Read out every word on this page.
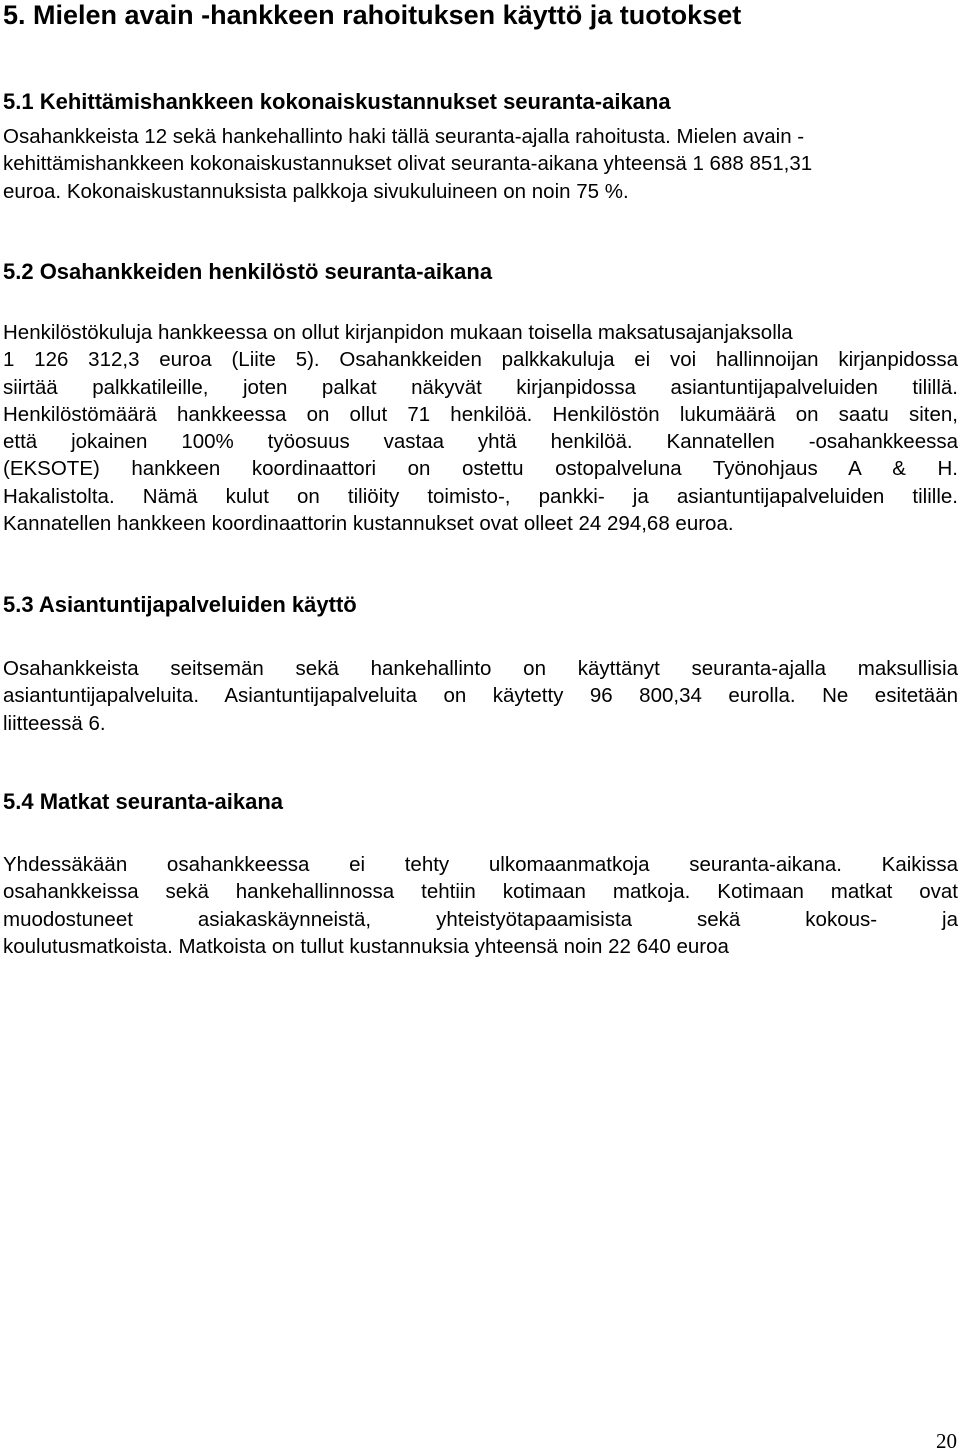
5. Mielen avain -hankkeen rahoituksen käyttö ja tuotokset
5.1 Kehittämishankkeen kokonaiskustannukset seuranta-aikana
Osahankkeista 12 sekä hankehallinto haki tällä seuranta-ajalla rahoitusta. Mielen avain -
kehittämishankkeen kokonaiskustannukset olivat seuranta-aikana yhteensä 1 688 851,31
euroa. Kokonaiskustannuksista palkkoja sivukuluineen on noin 75 %.
5.2 Osahankkeiden henkilöstö seuranta-aikana
Henkilöstökuluja hankkeessa on ollut kirjanpidon mukaan toisella maksatusajanjaksolla
1 126 312,3 euroa (Liite 5). Osahankkeiden palkkakuluja ei voi hallinnoijan kirjanpidossa
siirtää palkkatileille, joten palkat näkyvät kirjanpidossa asiantuntijapalveluiden tilillä.
Henkilöstömäärä hankkeessa on ollut 71 henkilöä. Henkilöstön lukumäärä on saatu siten,
että jokainen 100% työosuus vastaa yhtä henkilöä. Kannatellen -osahankkeessa
(EKSOTE) hankkeen koordinaattori on ostettu ostopalveluna Työnohjaus A & H.
Hakalistolta. Nämä kulut on tiliöity toimisto-, pankki- ja asiantuntijapalveluiden tilille.
Kannatellen hankkeen koordinaattorin kustannukset ovat olleet 24 294,68 euroa.
5.3 Asiantuntijapalveluiden käyttö
Osahankkeista seitsemän sekä hankehallinto on käyttänyt seuranta-ajalla maksullisia
asiantuntijapalveluita. Asiantuntijapalveluita on käytetty 96 800,34 eurolla. Ne esitetään
liitteessä 6.
5.4 Matkat seuranta-aikana
Yhdessäkään osahankkeessa ei tehty ulkomaanmatkoja seuranta-aikana. Kaikissa
osahankkeissa sekä hankehallinnossa tehtiin kotimaan matkoja. Kotimaan matkat ovat
muodostuneet asiakaskäynneistä, yhteistyötapaamisista sekä kokous- ja
koulutusmatkoista. Matkoista on tullut kustannuksia yhteensä noin 22 640 euroa
20
